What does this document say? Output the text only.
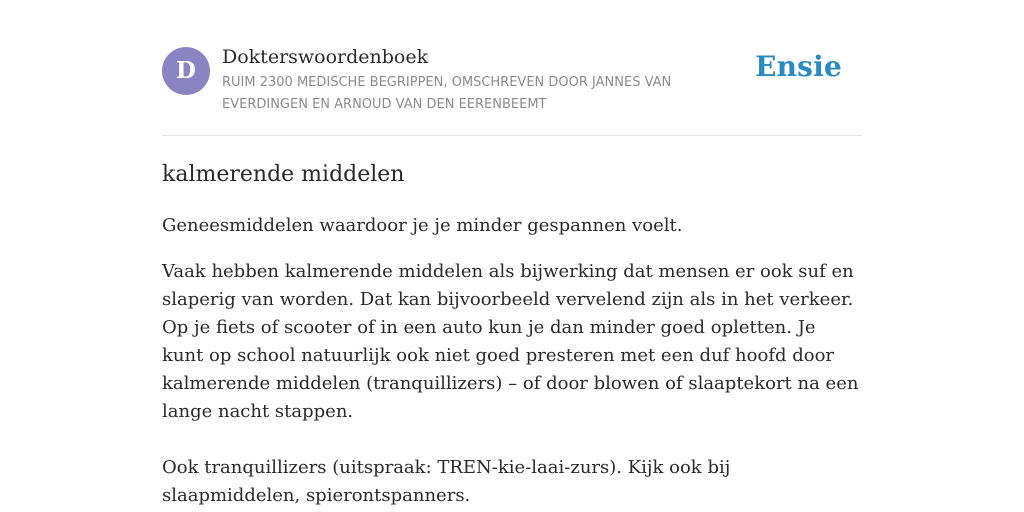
D	Dokterswoordenboek
RUIM 2300 MEDISCHE BEGRIPPEN, OMSCHREVEN DOOR JANNES VAN EVERDINGEN EN ARNOUD VAN DEN EERENBEEMT
Ensie
kalmerende middelen

Geneesmiddelen waardoor je je minder gespannen voelt.

Vaak hebben kalmerende middelen als bijwerking dat mensen er ook suf en slaperig van worden. Dat kan bijvoorbeeld vervelend zijn als in het verkeer. Op je fiets of scooter of in een auto kun je dan minder goed opletten. Je kunt op school natuurlijk ook niet goed presteren met een duf hoofd door kalmerende middelen (tranquillizers) – of door blowen of slaaptekort na een lange nacht stappen.

Ook tranquillizers (uitspraak: TREN-kie-laai-zurs). Kijk ook bij slaapmiddelen, spierontspanners.
